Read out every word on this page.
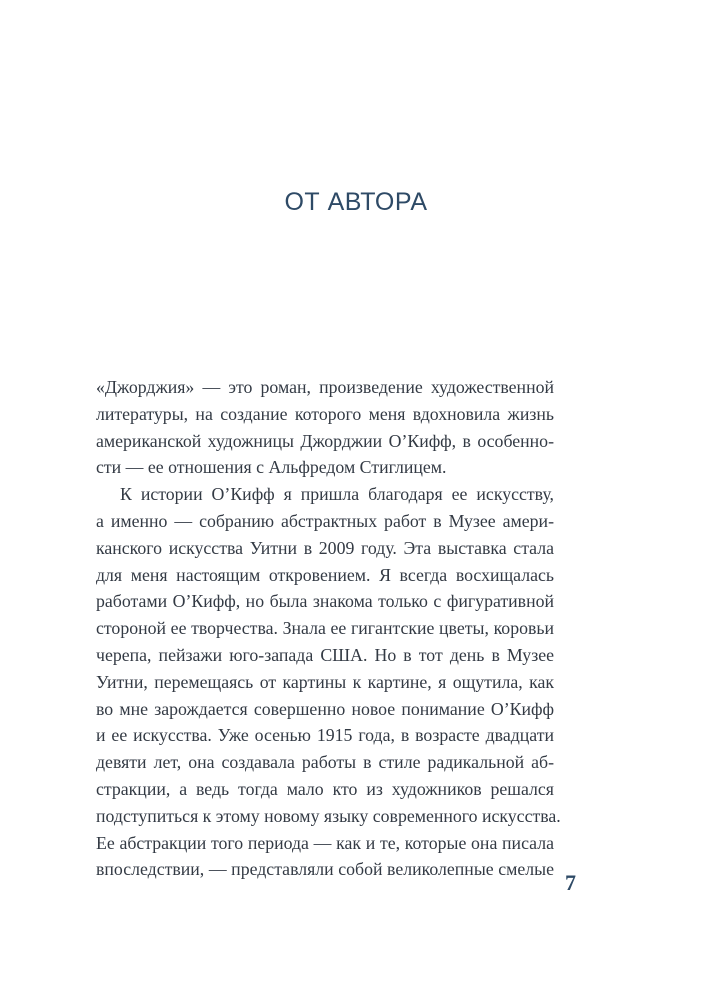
ОТ АВТОРА
«Джорджия» — это роман, произведение художественной
литературы, на создание которого меня вдохновила жизнь
американской художницы Джорджии О’Кифф, в особенно-
сти — ее отношения с Альфредом Стиглицем.
К истории О’Кифф я пришла благодаря ее искусству,
а именно — собранию абстрактных работ в Музее амери-
канского искусства Уитни в 2009 году. Эта выставка стала
для меня настоящим откровением. Я всегда восхищалась
работами О’Кифф, но была знакома только с фигуративной
стороной ее творчества. Знала ее гигантские цветы, коровьи
черепа, пейзажи юго-запада США. Но в тот день в Музее
Уитни, перемещаясь от картины к картине, я ощутила, как
во мне зарождается совершенно новое понимание О’Кифф
и ее искусства. Уже осенью 1915 года, в возрасте двадцати
девяти лет, она создавала работы в стиле радикальной аб-
стракции, а ведь тогда мало кто из художников решался
подступиться к этому новому языку современного искусства.
Ее абстракции того периода — как и те, которые она писала
впоследствии, — представляли собой великолепные смелые
7
